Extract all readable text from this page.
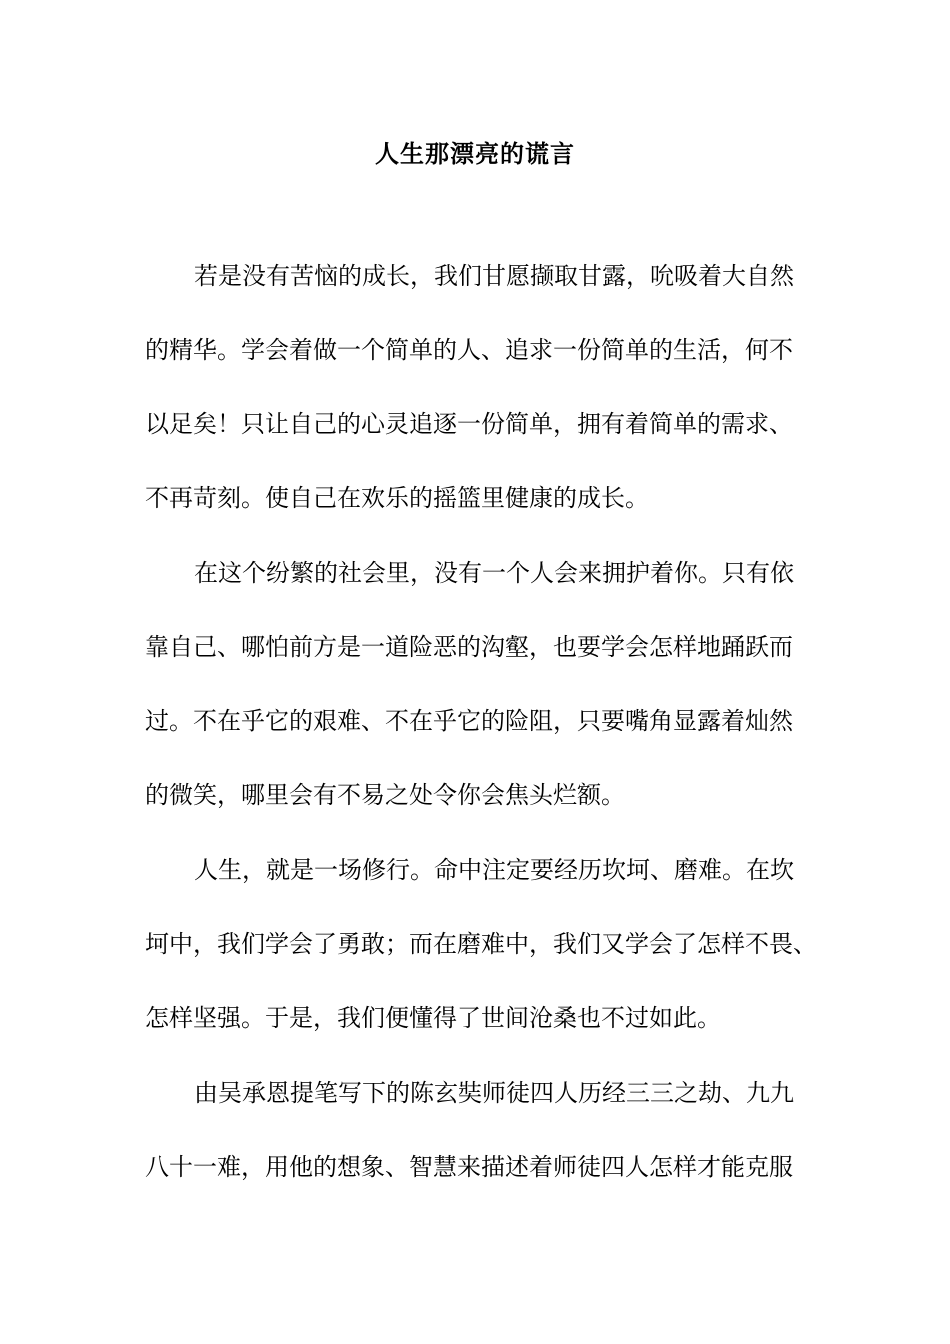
人生那漂亮的谎言
若是没有苦恼的成长，我们甘愿撷取甘露，吮吸着大自然
的精华。学会着做一个简单的人、追求一份简单的生活，何不
以足矣！只让自己的心灵追逐一份简单，拥有着简单的需求、
不再苛刻。使自己在欢乐的摇篮里健康的成长。
在这个纷繁的社会里，没有一个人会来拥护着你。只有依
靠自己、哪怕前方是一道险恶的沟壑，也要学会怎样地踊跃而
过。不在乎它的艰难、不在乎它的险阻，只要嘴角显露着灿然
的微笑，哪里会有不易之处令你会焦头烂额。
人生，就是一场修行。命中注定要经历坎坷、磨难。在坎
坷中，我们学会了勇敢；而在磨难中，我们又学会了怎样不畏、
怎样坚强。于是，我们便懂得了世间沧桑也不过如此。
由吴承恩提笔写下的陈玄奘师徒四人历经三三之劫、九九
八十一难，用他的想象、智慧来描述着师徒四人怎样才能克服
